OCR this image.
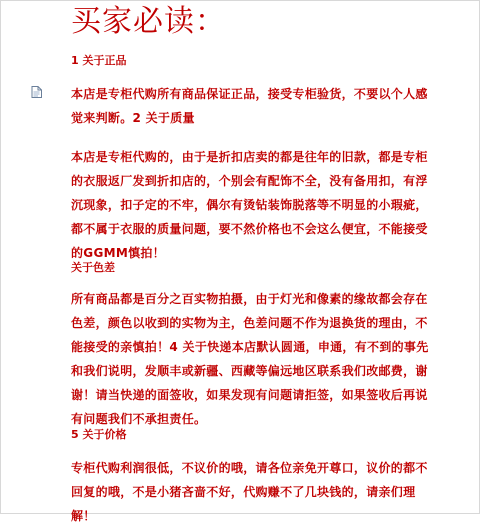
买家必读：
1 关于正品
本店是专柜代购所有商品保证正品，接受专柜验货，不要以个人感觉来判断。2 关于质量
本店是专柜代购的，由于是折扣店卖的都是往年的旧款，都是专柜的衣服返厂发到折扣店的，个别会有配饰不全，没有备用扣，有浮沉现象，扣子定的不牢，偶尔有烫钻装饰脱落等不明显的小瑕疵，都不属于衣服的质量问题，要不然价格也不会这么便宜，不能接受的GGMM慎拍！
关于色差
所有商品都是百分之百实物拍摄，由于灯光和像素的缘故都会存在色差，颜色以收到的实物为主，色差问题不作为退换货的理由，不能接受的亲慎拍！4 关于快递本店默认圆通，申通，有不到的事先和我们说明，发顺丰或新疆、西藏等偏远地区联系我们改邮费，谢谢！请当快递的面签收，如果发现有问题请拒签，如果签收后再说有问题我们不承担责任。
5 关于价格
专柜代购利润很低，不议价的哦，请各位亲免开尊口，议价的都不回复的哦，不是小猪吝啬不好，代购赚不了几块钱的，请亲们理解！
